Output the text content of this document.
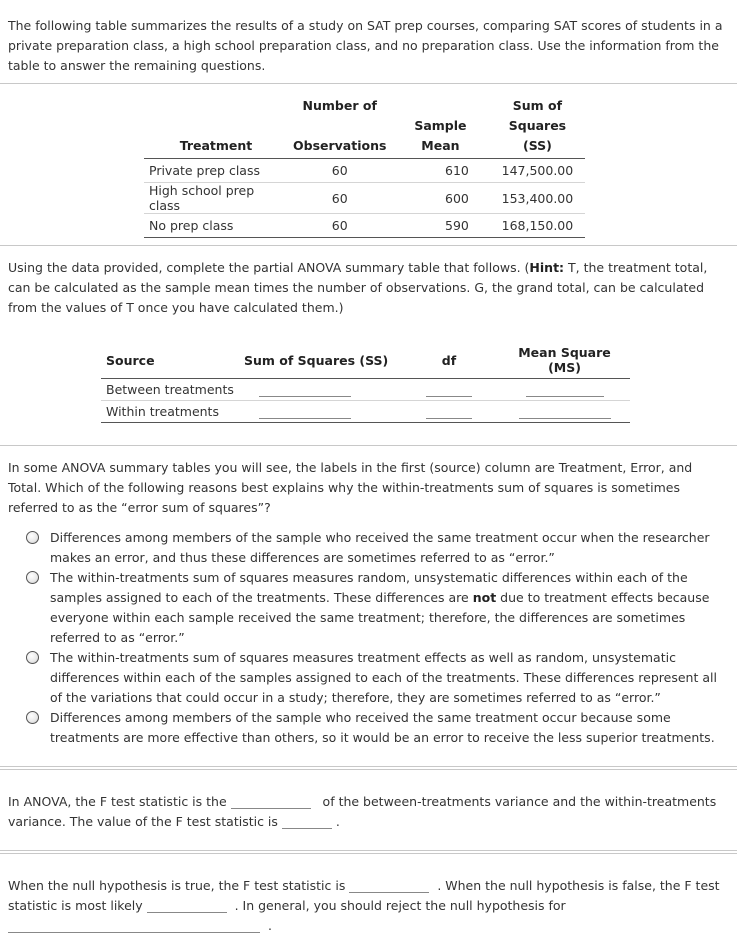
The following table summarizes the results of a study on SAT prep courses, comparing SAT scores of students in a private preparation class, a high school preparation class, and no preparation class. Use the information from the table to answer the remaining questions.

	Number of		Sum of
Treatment	Observations	Sample Mean	Squares (SS)
Private prep class	60	610	147,500.00
High school prep class	60	600	153,400.00
No prep class	60	590	168,150.00

Using the data provided, complete the partial ANOVA summary table that follows. (Hint: T, the treatment total, can be calculated as the sample mean times the number of observations. G, the grand total, can be calculated from the values of T once you have calculated them.)

Source	Sum of Squares (SS)	df	Mean Square (MS)
Between treatments			
Within treatments			

In some ANOVA summary tables you will see, the labels in the first (source) column are Treatment, Error, and Total. Which of the following reasons best explains why the within-treatments sum of squares is sometimes referred to as the “error sum of squares”?

Differences among members of the sample who received the same treatment occur when the researcher makes an error, and thus these differences are sometimes referred to as “error.”
The within-treatments sum of squares measures random, unsystematic differences within each of the samples assigned to each of the treatments. These differences are not due to treatment effects because everyone within each sample received the same treatment; therefore, the differences are sometimes referred to as “error.”
The within-treatments sum of squares measures treatment effects as well as random, unsystematic differences within each of the samples assigned to each of the treatments. These differences represent all of the variations that could occur in a study; therefore, they are sometimes referred to as “error.”
Differences among members of the sample who received the same treatment occur because some treatments are more effective than others, so it would be an error to receive the less superior treatments.

In ANOVA, the F test statistic is the	of the between-treatments variance and the within-treatments variance. The value of the F test statistic is	.

When the null hypothesis is true, the F test statistic is	. When the null hypothesis is false, the F test statistic is most likely	. In general, you should reject the null hypothesis for
.
